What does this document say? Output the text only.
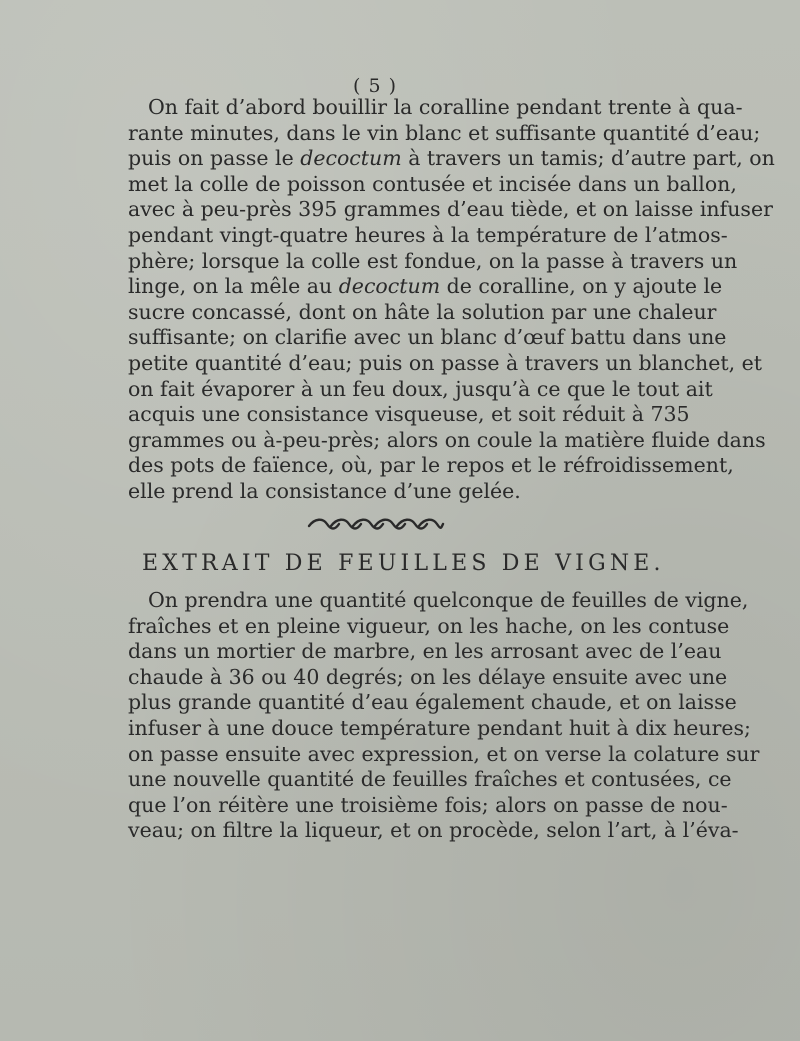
( 5 )
On fait d’abord bouillir la coralline pendant trente à qua-
rante minutes, dans le vin blanc et suffisante quantité d’eau;
puis on passe le decoctum à travers un tamis; d’autre part, on
met la colle de poisson contusée et incisée dans un ballon,
avec à peu-près 395 grammes d’eau tiède, et on laisse infuser
pendant vingt-quatre heures à la température de l’atmos-
phère; lorsque la colle est fondue, on la passe à travers un
linge, on la mêle au decoctum de coralline, on y ajoute le
sucre concassé, dont on hâte la solution par une chaleur
suffisante; on clarifie avec un blanc d’œuf battu dans une
petite quantité d’eau; puis on passe à travers un blanchet, et
on fait évaporer à un feu doux, jusqu’à ce que le tout ait
acquis une consistance visqueuse, et soit réduit à 735
grammes ou à-peu-près; alors on coule la matière fluide dans
des pots de faïence, où, par le repos et le réfroidissement,
elle prend la consistance d’une gelée.
EXTRAIT DE FEUILLES DE VIGNE.
On prendra une quantité quelconque de feuilles de vigne,
fraîches et en pleine vigueur, on les hache, on les contuse
dans un mortier de marbre, en les arrosant avec de l’eau
chaude à 36 ou 40 degrés; on les délaye ensuite avec une
plus grande quantité d’eau également chaude, et on laisse
infuser à une douce température pendant huit à dix heures;
on passe ensuite avec expression, et on verse la colature sur
une nouvelle quantité de feuilles fraîches et contusées, ce
que l’on réitère une troisième fois; alors on passe de nou-
veau; on filtre la liqueur, et on procède, selon l’art, à l’éva-
